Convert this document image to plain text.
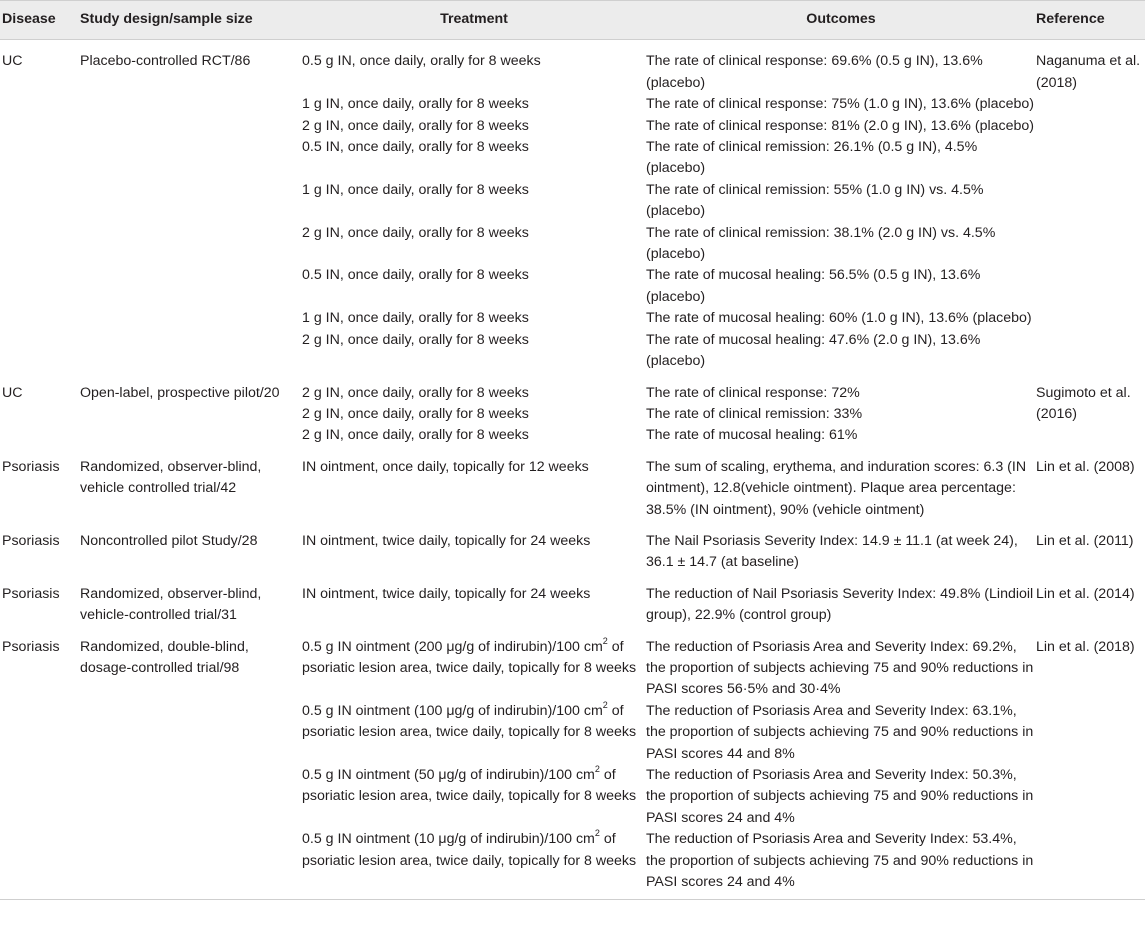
Disease	Study design/sample size	Treatment	Outcomes	Reference
UC	Placebo-controlled RCT/86	0.5 g IN, once daily, orally for 8 weeks	The rate of clinical response: 69.6% (0.5 g IN), 13.6% (placebo)	Naganuma et al. (2018)
		1 g IN, once daily, orally for 8 weeks	The rate of clinical response: 75% (1.0 g IN), 13.6% (placebo)	
		2 g IN, once daily, orally for 8 weeks	The rate of clinical response: 81% (2.0 g IN), 13.6% (placebo)	
		0.5 IN, once daily, orally for 8 weeks	The rate of clinical remission: 26.1% (0.5 g IN), 4.5% (placebo)	
		1 g IN, once daily, orally for 8 weeks	The rate of clinical remission: 55% (1.0 g IN) vs. 4.5% (placebo)	
		2 g IN, once daily, orally for 8 weeks	The rate of clinical remission: 38.1% (2.0 g IN) vs. 4.5% (placebo)	
		0.5 IN, once daily, orally for 8 weeks	The rate of mucosal healing: 56.5% (0.5 g IN), 13.6% (placebo)	
		1 g IN, once daily, orally for 8 weeks	The rate of mucosal healing: 60% (1.0 g IN), 13.6% (placebo)	
		2 g IN, once daily, orally for 8 weeks	The rate of mucosal healing: 47.6% (2.0 g IN), 13.6% (placebo)	
UC	Open-label, prospective pilot/20	2 g IN, once daily, orally for 8 weeks	The rate of clinical response: 72%	Sugimoto et al. (2016)
		2 g IN, once daily, orally for 8 weeks	The rate of clinical remission: 33%	
		2 g IN, once daily, orally for 8 weeks	The rate of mucosal healing: 61%	
Psoriasis	Randomized, observer-blind, vehicle controlled trial/42	IN ointment, once daily, topically for 12 weeks	The sum of scaling, erythema, and induration scores: 6.3 (IN ointment), 12.8(vehicle ointment). Plaque area percentage: 38.5% (IN ointment), 90% (vehicle ointment)	Lin et al. (2008)
Psoriasis	Noncontrolled pilot Study/28	IN ointment, twice daily, topically for 24 weeks	The Nail Psoriasis Severity Index: 14.9 ± 11.1 (at week 24), 36.1 ± 14.7 (at baseline)	Lin et al. (2011)
Psoriasis	Randomized, observer-blind, vehicle-controlled trial/31	IN ointment, twice daily, topically for 24 weeks	The reduction of Nail Psoriasis Severity Index: 49.8% (Lindioil group), 22.9% (control group)	Lin et al. (2014)
Psoriasis	Randomized, double-blind, dosage-controlled trial/98	0.5 g IN ointment (200 μg/g of indirubin)/100 $cm^2$ of psoriatic lesion area, twice daily, topically for 8 weeks	The reduction of Psoriasis Area and Severity Index: 69.2%, the proportion of subjects achieving 75 and 90% reductions in PASI scores 56·5% and 30·4%	Lin et al. (2018)
		0.5 g IN ointment (100 μg/g of indirubin)/100 $cm^2$ of psoriatic lesion area, twice daily, topically for 8 weeks	The reduction of Psoriasis Area and Severity Index: 63.1%, the proportion of subjects achieving 75 and 90% reductions in PASI scores 44 and 8%	
		0.5 g IN ointment (50 μg/g of indirubin)/100 $cm^2$ of psoriatic lesion area, twice daily, topically for 8 weeks	The reduction of Psoriasis Area and Severity Index: 50.3%, the proportion of subjects achieving 75 and 90% reductions in PASI scores 24 and 4%	
		0.5 g IN ointment (10 μg/g of indirubin)/100 $cm^2$ of psoriatic lesion area, twice daily, topically for 8 weeks	The reduction of Psoriasis Area and Severity Index: 53.4%, the proportion of subjects achieving 75 and 90% reductions in PASI scores 24 and 4%	
